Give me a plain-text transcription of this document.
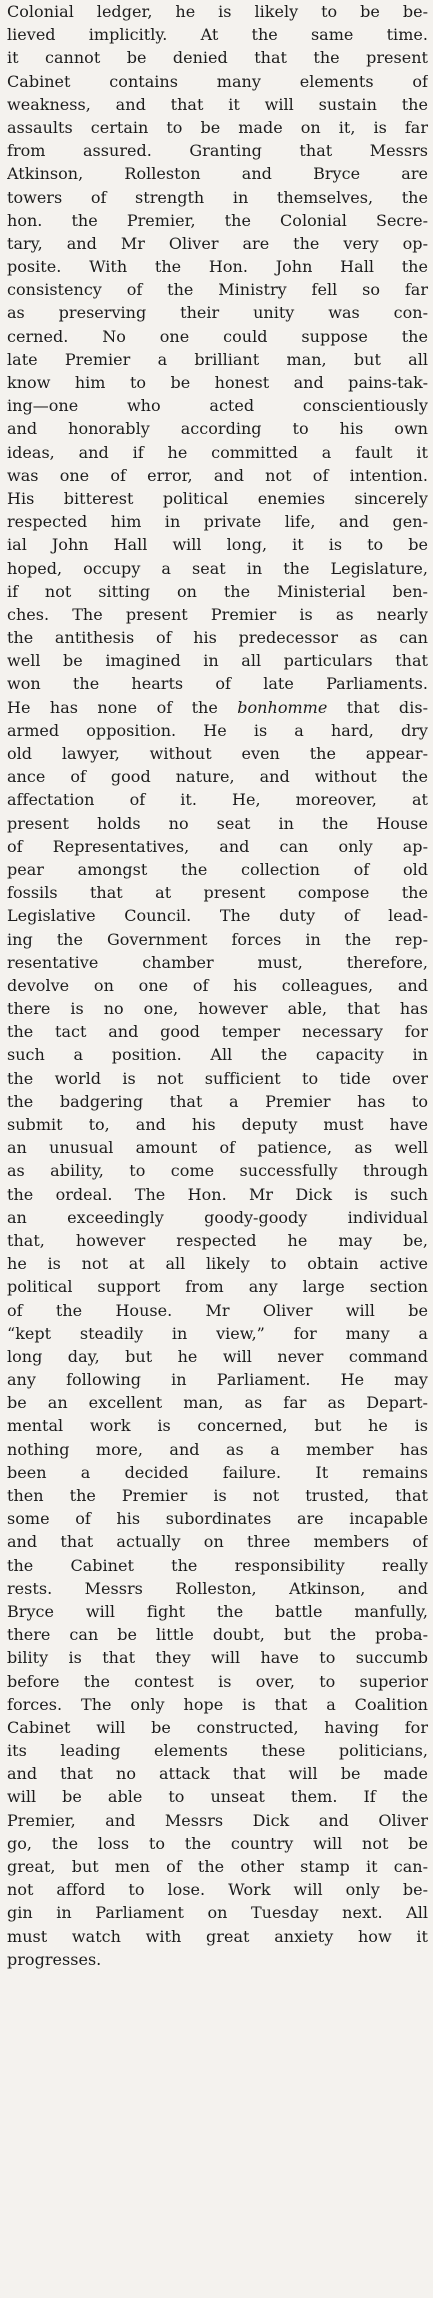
Colonial ledger, he is likely to be be-
lieved implicitly. At the same time.
it cannot be denied that the present
Cabinet contains many elements of
weakness, and that it will sustain the
assaults certain to be made on it, is far
from assured. Granting that Messrs
Atkinson, Rolleston and Bryce are
towers of strength in themselves, the
hon. the Premier, the Colonial Secre-
tary, and Mr Oliver are the very op-
posite. With the Hon. John Hall the
consistency of the Ministry fell so far
as preserving their unity was con-
cerned. No one could suppose the
late Premier a brilliant man, but all
know him to be honest and pains-tak-
ing—one who acted conscientiously
and honorably according to his own
ideas, and if he committed a fault it
was one of error, and not of intention.
His bitterest political enemies sincerely
respected him in private life, and gen-
ial John Hall will long, it is to be
hoped, occupy a seat in the Legislature,
if not sitting on the Ministerial ben-
ches. The present Premier is as nearly
the antithesis of his predecessor as can
well be imagined in all particulars that
won the hearts of late Parliaments.
He has none of the bonhomme that dis-
armed opposition. He is a hard, dry
old lawyer, without even the appear-
ance of good nature, and without the
affectation of it. He, moreover, at
present holds no seat in the House
of Representatives, and can only ap-
pear amongst the collection of old
fossils that at present compose the
Legislative Council. The duty of lead-
ing the Government forces in the rep-
resentative chamber must, therefore,
devolve on one of his colleagues, and
there is no one, however able, that has
the tact and good temper necessary for
such a position. All the capacity in
the world is not sufficient to tide over
the badgering that a Premier has to
submit to, and his deputy must have
an unusual amount of patience, as well
as ability, to come successfully through
the ordeal. The Hon. Mr Dick is such
an exceedingly goody-goody individual
that, however respected he may be,
he is not at all likely to obtain active
political support from any large section
of the House. Mr Oliver will be
“kept steadily in view,” for many a
long day, but he will never command
any following in Parliament. He may
be an excellent man, as far as Depart-
mental work is concerned, but he is
nothing more, and as a member has
been a decided failure. It remains
then the Premier is not trusted, that
some of his subordinates are incapable
and that actually on three members of
the Cabinet the responsibility really
rests. Messrs Rolleston, Atkinson, and
Bryce will fight the battle manfully,
there can be little doubt, but the proba-
bility is that they will have to succumb
before the contest is over, to superior
forces. The only hope is that a Coalition
Cabinet will be constructed, having for
its leading elements these politicians,
and that no attack that will be made
will be able to unseat them. If the
Premier, and Messrs Dick and Oliver
go, the loss to the country will not be
great, but men of the other stamp it can-
not afford to lose. Work will only be-
gin in Parliament on Tuesday next. All
must watch with great anxiety how it
progresses.
